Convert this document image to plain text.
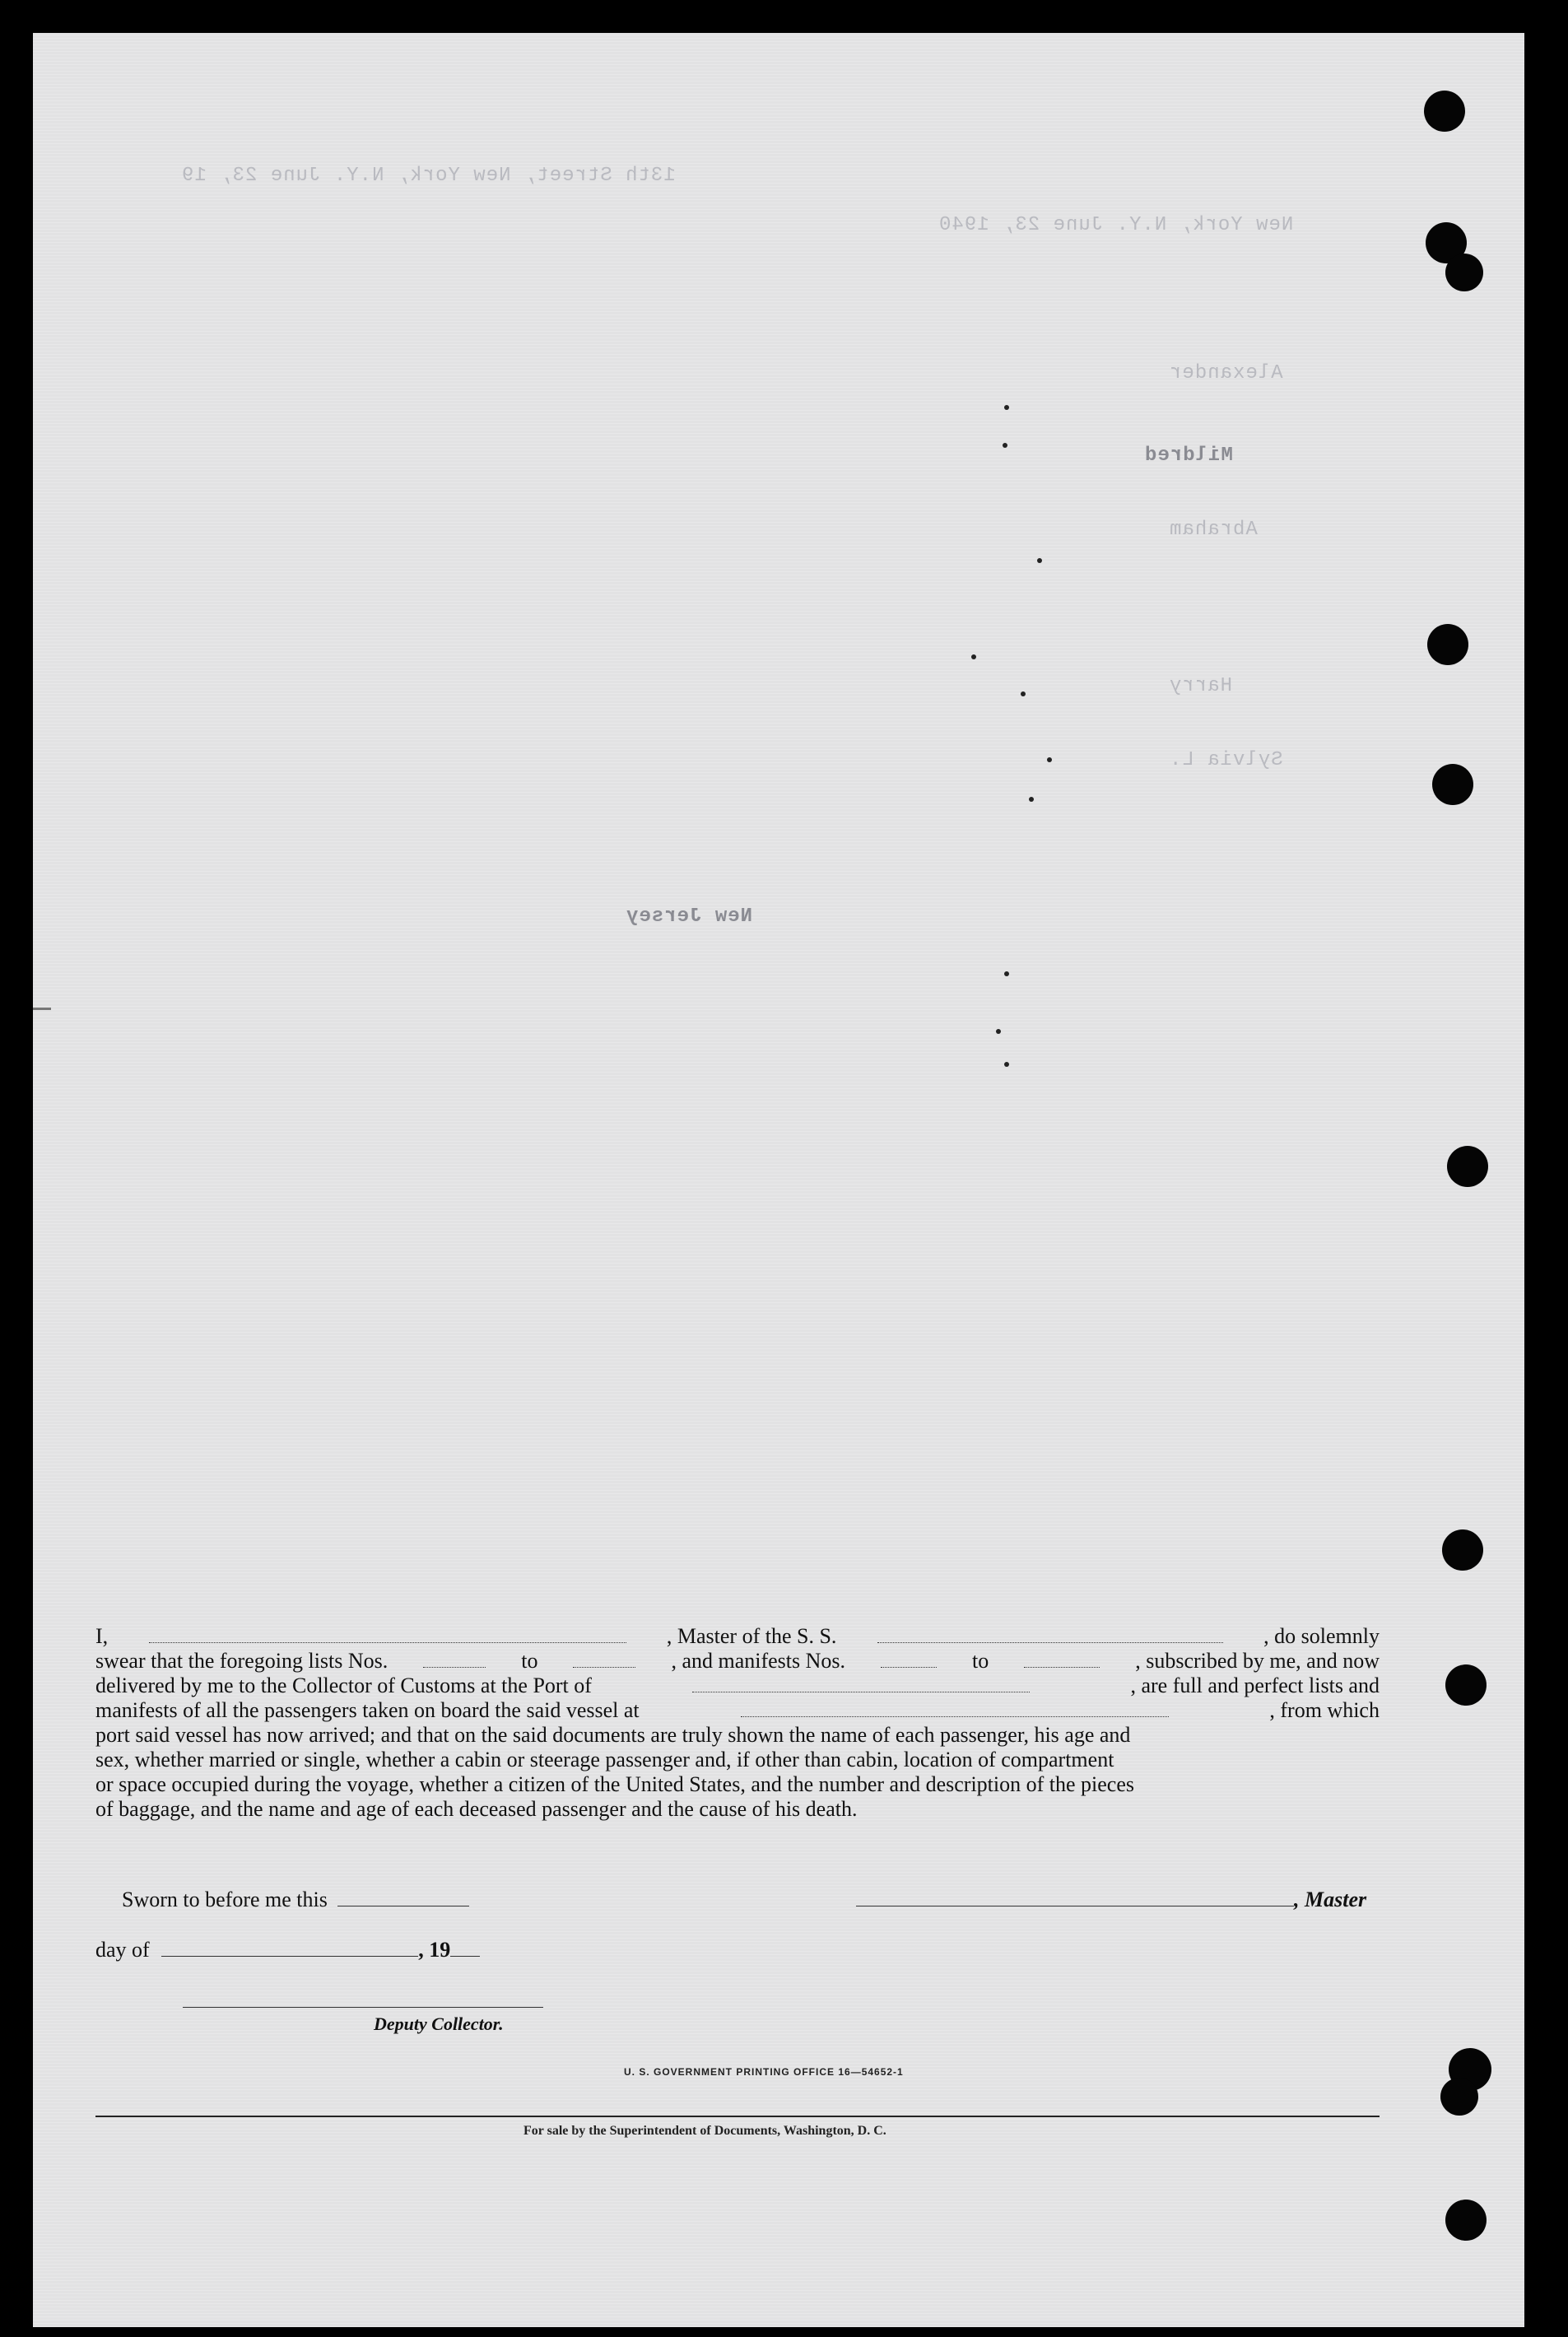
13th Street, New York, N.Y. June 23, 19
New York, N.Y. June 23, 1940
Alexander
Mildred
Abraham
Harry
Sylvia L.
New Jersey
I,	, Master of the S. S.	, do solemnly
swear that the foregoing lists Nos.	to	, and manifests Nos.	to	, subscribed by me, and now
delivered by me to the Collector of Customs at the Port of	, are full and perfect lists and
manifests of all the passengers taken on board the said vessel at	, from which
port said vessel has now arrived; and that on the said documents are truly shown the name of each passenger, his age and
sex, whether married or single, whether a cabin or steerage passenger and, if other than cabin, location of compartment
or space occupied during the voyage, whether a citizen of the United States, and the number and description of the pieces
of baggage, and the name and age of each deceased passenger and the cause of his death.
Sworn to before me this	, Master
day of	, 19
Deputy Collector.
U. S. GOVERNMENT PRINTING OFFICE 16—54652-1
For sale by the Superintendent of Documents, Washington, D. C.
